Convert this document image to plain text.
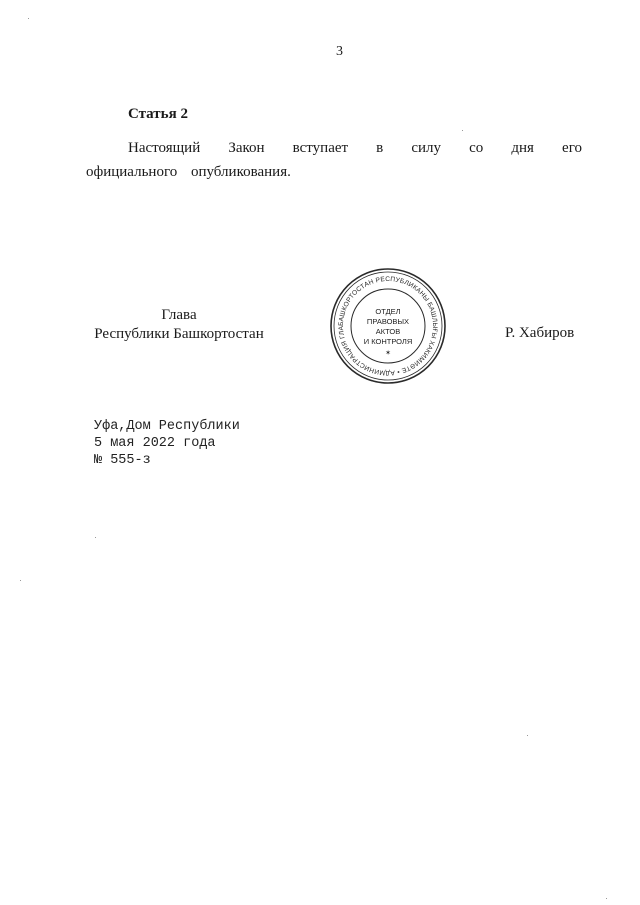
3
Статья 2

Настоящий Закон вступает в силу со дня его официального опубликования.

Глава
Республики Башкортостан
БАШКОРТОСТАН РЕСПУБЛИКАНЫ БАШЛЫҒЫ ХАКИМИӘТЕ • АДМИНИСТРАЦИЯ ГЛА
✶
ОТДЕЛ
ПРАВОВЫХ АКТОВ
И КОНТРОЛЯ
Р. Хабиров
Уфа,Дом Республики
5 мая 2022 года
№ 555-з
